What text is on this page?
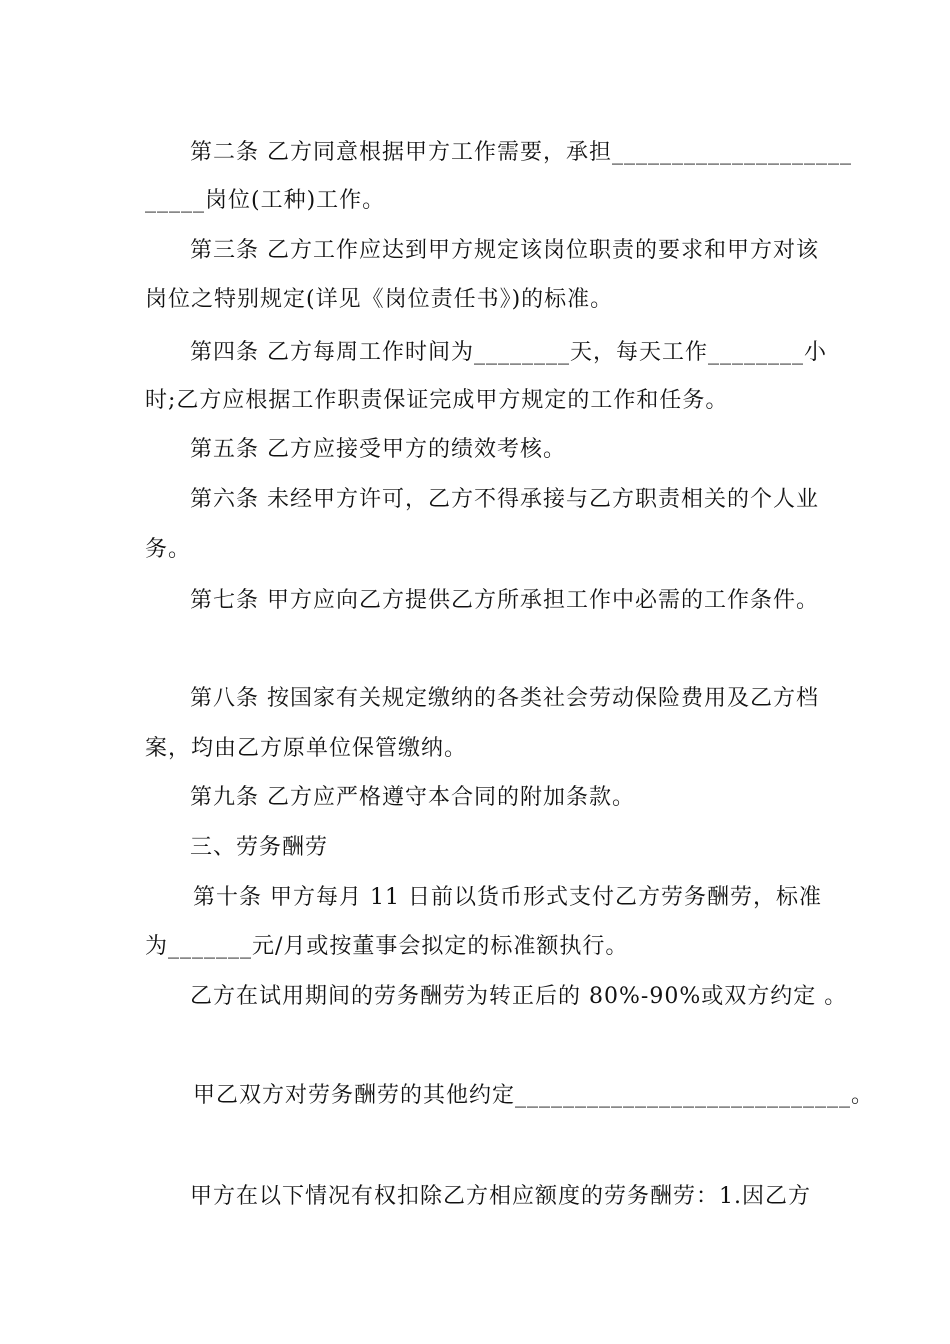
第二条 乙方同意根据甲方工作需要，承担____________________
_____岗位(工种)工作。
第三条 乙方工作应达到甲方规定该岗位职责的要求和甲方对该
岗位之特别规定(详见《岗位责任书》)的标准。
第四条 乙方每周工作时间为________天，每天工作________小
时;乙方应根据工作职责保证完成甲方规定的工作和任务。
第五条 乙方应接受甲方的绩效考核。
第六条 未经甲方许可，乙方不得承接与乙方职责相关的个人业
务。
第七条 甲方应向乙方提供乙方所承担工作中必需的工作条件。
第八条 按国家有关规定缴纳的各类社会劳动保险费用及乙方档
案，均由乙方原单位保管缴纳。
第九条 乙方应严格遵守本合同的附加条款。
三、劳务酬劳
第十条 甲方每月 11 日前以货币形式支付乙方劳务酬劳，标准
为_______元/月或按董事会拟定的标准额执行。
乙方在试用期间的劳务酬劳为转正后的 80%-90%或双方约定 。
甲乙双方对劳务酬劳的其他约定____________________________。
甲方在以下情况有权扣除乙方相应额度的劳务酬劳：1.因乙方
